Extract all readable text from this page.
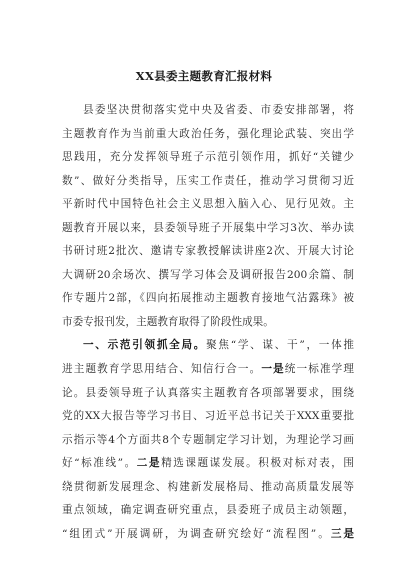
XX县委主题教育汇报材料
县委坚决贯彻落实党中央及省委、市委安排部署，将
主题教育作为当前重大政治任务，强化理论武装、突出学
思践用，充分发挥领导班子示范引领作用，抓好“关键少
数”、做好分类指导，压实工作责任，推动学习贯彻习近
平新时代中国特色社会主义思想入脑入心、见行见效。主
题教育开展以来，县委领导班子开展集中学习3次、举办读
书研讨班2批次、邀请专家教授解读讲座2次、开展大讨论
大调研20余场次、撰写学习体会及调研报告200余篇、制
作专题片2部，《四向拓展推动主题教育接地气沾露珠》被
市委专报刊发，主题教育取得了阶段性成果。
一、示范引领抓全局。聚焦“学、谋、干”，一体推
进主题教育学思用结合、知信行合一。一是统一标准学理
论。县委领导班子认真落实主题教育各项部署要求，围绕
党的XX大报告等学习书目、习近平总书记关于XXX重要批
示指示等4个方面共8个专题制定学习计划，为理论学习画
好“标准线”。二是精选课题谋发展。积极对标对表，围
绕贯彻新发展理念、构建新发展格局、推动高质量发展等
重点领域，确定调查研究重点，县委班子成员主动领题，
“组团式”开展调研，为调查研究绘好“流程图”。三是
